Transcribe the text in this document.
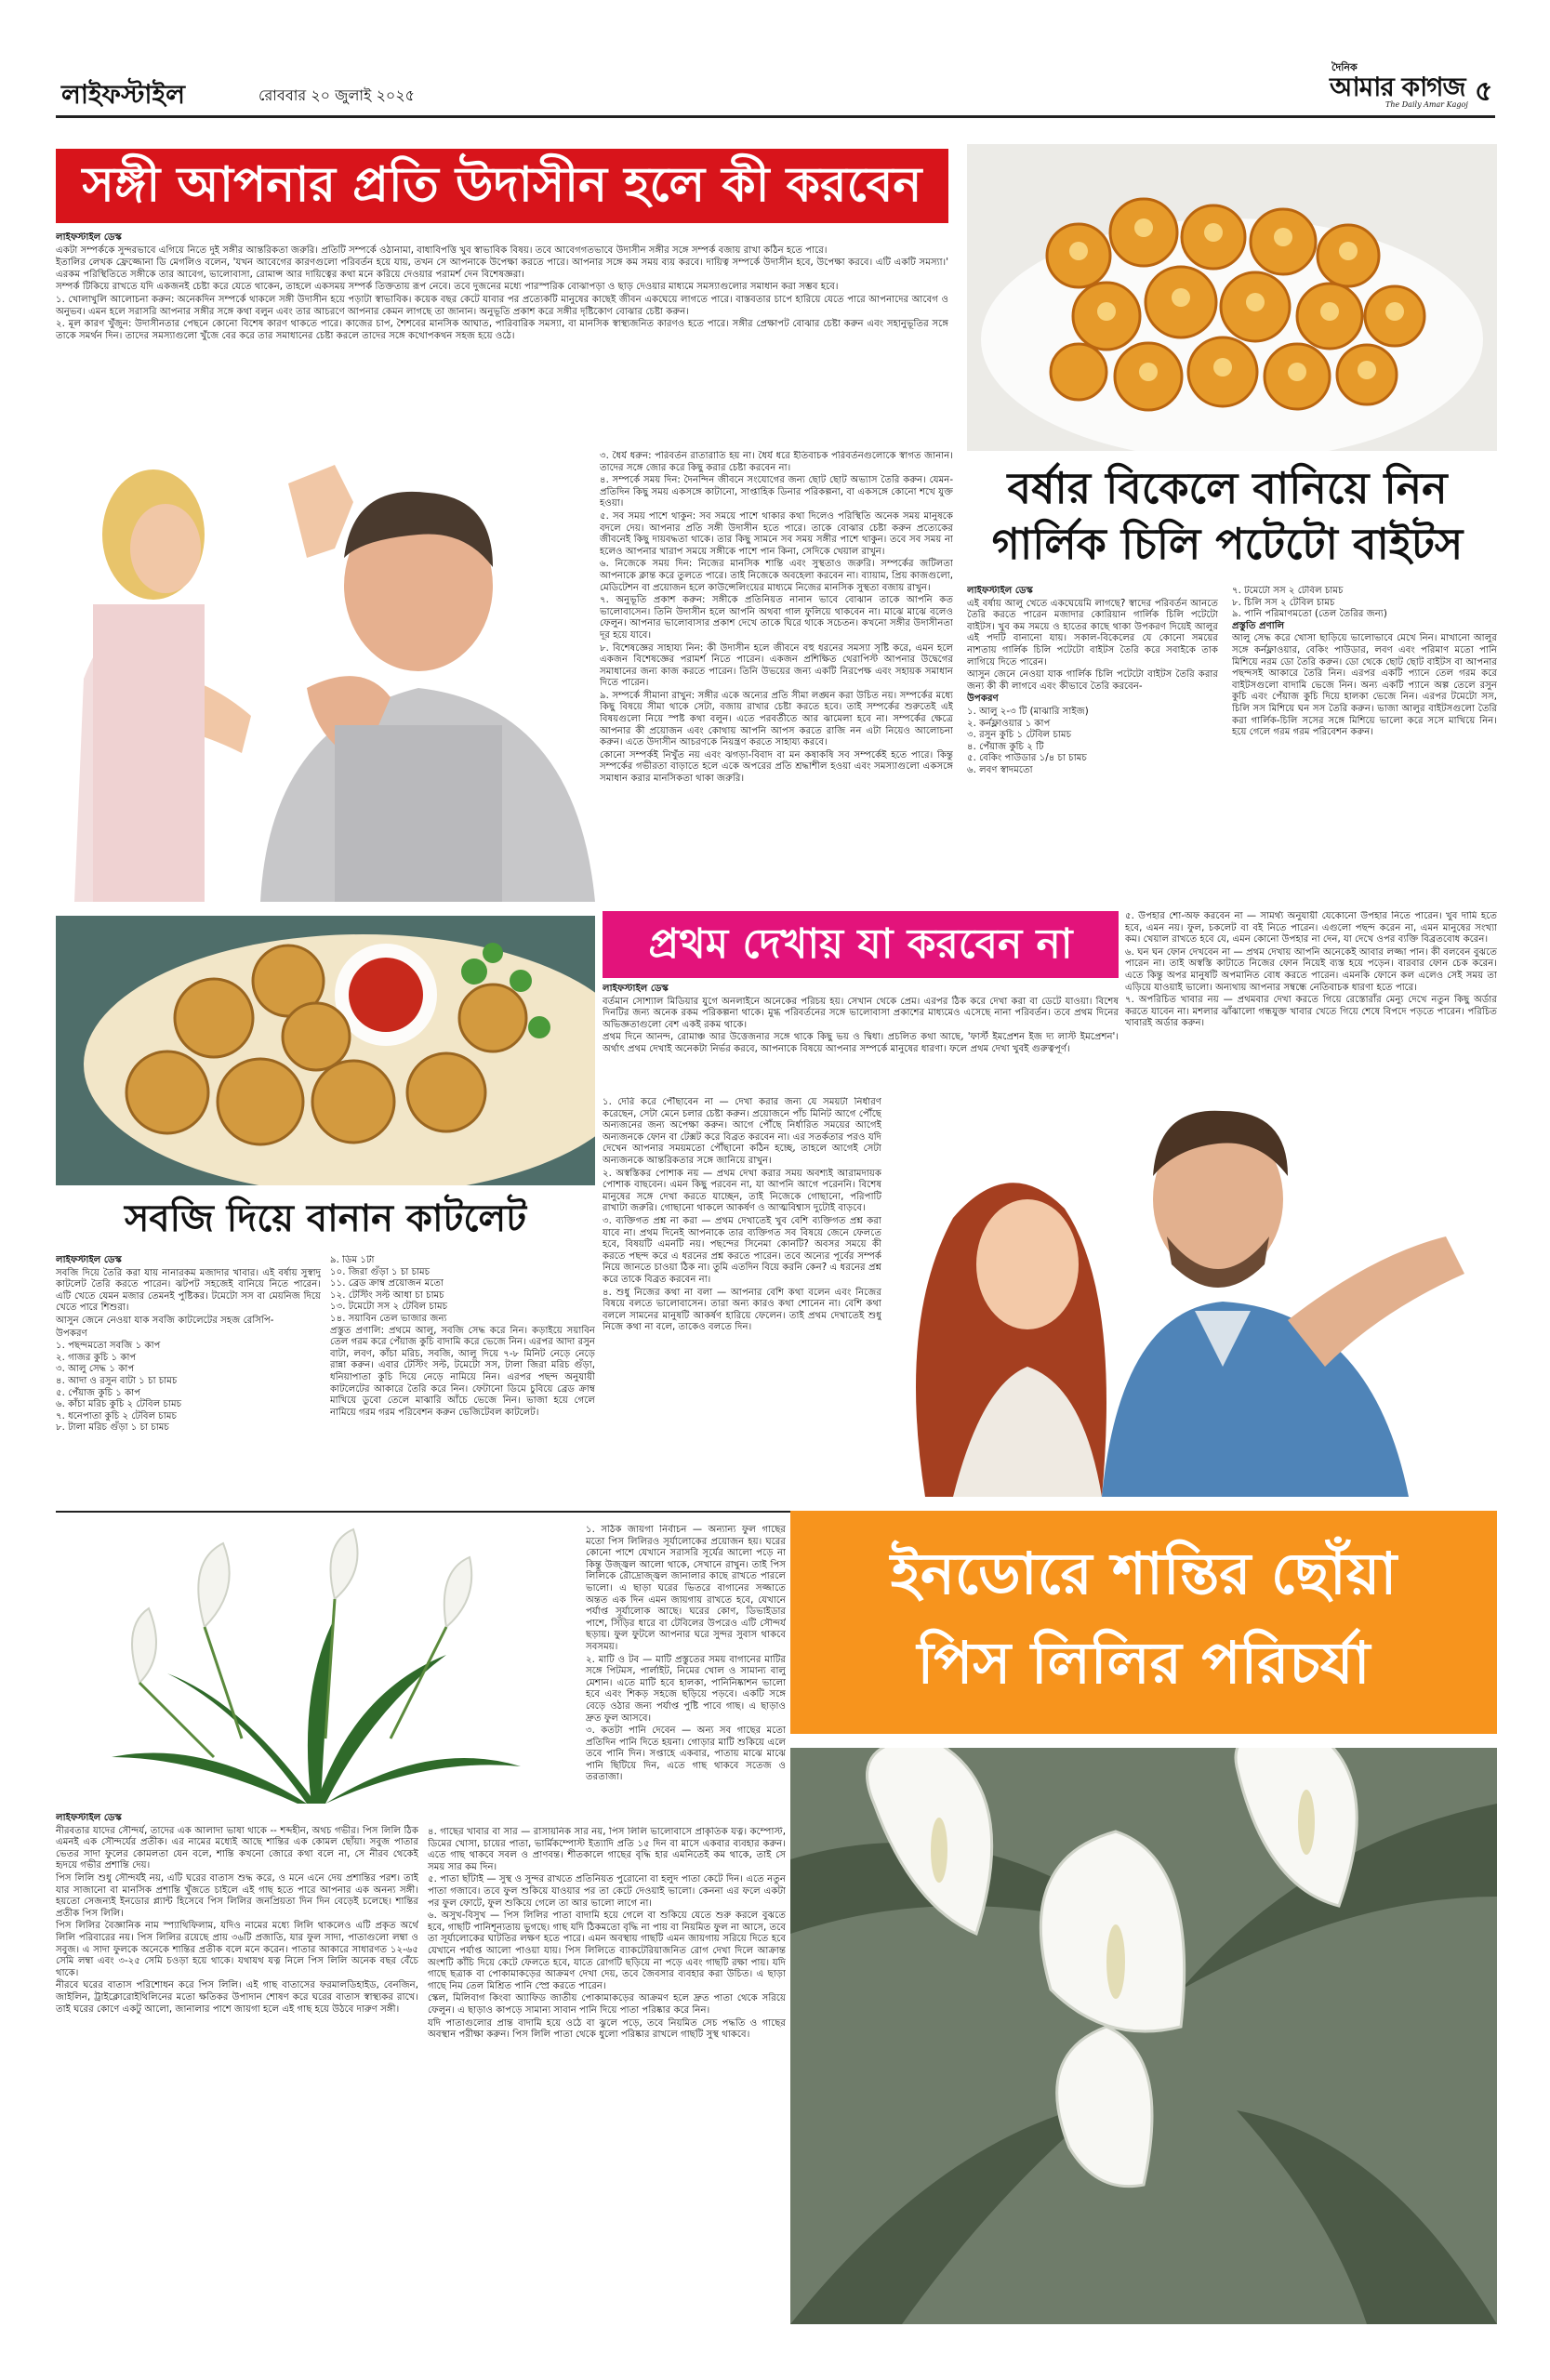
লাইফস্টাইল	রোববার ২০ জুলাই ২০২৫
দৈনিক
আমার কাগজ
The Daily Amar Kagoj ৫
সঙ্গী আপনার প্রতি উদাসীন হলে কী করবেন

লাইফস্টাইল ডেস্ক

একটা সম্পর্ককে সুন্দরভাবে এগিয়ে নিতে দুই সঙ্গীর আন্তরিকতা জরুরি। প্রতিটি সম্পর্কে ওঠানামা, বাধাবিপত্তি খুব স্বাভাবিক বিষয়। তবে আবেগগতভাবে উদাসীন সঙ্গীর সঙ্গে সম্পর্ক বজায় রাখা কঠিন হতে পারে।

ইতালির লেখক ফ্রেজ্জোনা ডি মেগলিও বলেন, 'যখন আবেগের কারণগুলো পরিবর্তন হয়ে যায়, তখন সে আপনাকে উপেক্ষা করতে পারে। আপনার সঙ্গে কম সময় ব্যয় করবে। দায়িত্ব সম্পর্কে উদাসীন হবে, উপেক্ষা করবে। এটি একটি সমস্যা।' এরকম পরিস্থিতিতে সঙ্গীকে তার আবেগ, ভালোবাসা, রোমান্স আর দায়িত্বের কথা মনে করিয়ে দেওয়ার পরামর্শ দেন বিশেষজ্ঞরা।

সম্পর্ক টিকিয়ে রাখতে যদি একজনই চেষ্টা করে যেতে থাকেন, তাহলে একসময় সম্পর্ক তিক্ততায় রূপ নেবে। তবে দুজনের মধ্যে পারস্পরিক বোঝাপড়া ও ছাড় দেওয়ার মাধ্যমে সমস্যাগুলোর সমাধান করা সম্ভব হবে।

১. খোলাখুলি আলোচনা করুন: অনেকদিন সম্পর্কে থাকলে সঙ্গী উদাসীন হয়ে পড়াটা স্বাভাবিক। কয়েক বছর কেটে যাবার পর প্রত্যেকটি মানুষের কাছেই জীবন একঘেয়ে লাগতে পারে। বাস্তবতার চাপে হারিয়ে যেতে পারে আপনাদের আবেগ ও অনুভব। এমন হলে সরাসরি আপনার সঙ্গীর সঙ্গে কথা বলুন এবং তার আচরণে আপনার কেমন লাগছে তা জানান। অনুভূতি প্রকাশ করে সঙ্গীর দৃষ্টিকোণ বোঝার চেষ্টা করুন।

২. মূল কারণ খুঁজুন: উদাসীনতার পেছনে কোনো বিশেষ কারণ থাকতে পারে। কাজের চাপ, শৈশবের মানসিক আঘাত, পারিবারিক সমস্যা, বা মানসিক স্বাস্থ্যজনিত কারণও হতে পারে। সঙ্গীর প্রেক্ষাপট বোঝার চেষ্টা করুন এবং সহানুভূতির সঙ্গে তাকে সমর্থন দিন। তাদের সমস্যাগুলো খুঁজে বের করে তার সমাধানের চেষ্টা করলে তাদের সঙ্গে কথোপকথন সহজ হয়ে ওঠে।

৩. ধৈর্য ধরুন: পরিবর্তন রাতারাতি হয় না। ধৈর্য ধরে ইতিবাচক পরিবর্তনগুলোকে স্বাগত জানান। তাদের সঙ্গে জোর করে কিছু করার চেষ্টা করবেন না।

৪. সম্পর্কে সময় দিন: দৈনন্দিন জীবনে সংযোগের জন্য ছোট ছোট অভ্যাস তৈরি করুন। যেমন- প্রতিদিন কিছু সময় একসঙ্গে কাটানো, সাপ্তাহিক ডিনার পরিকল্পনা, বা একসঙ্গে কোনো শখে যুক্ত হওয়া।

৫. সব সময় পাশে থাকুন: সব সময়ে পাশে থাকার কথা দিলেও পরিস্থিতি অনেক সময় মানুষকে বদলে দেয়। আপনার প্রতি সঙ্গী উদাসীন হতে পারে। তাকে বোঝার চেষ্টা করুন প্রত্যেকের জীবনেই কিছু দায়বদ্ধতা থাকে। তার কিছু সামনে সব সময় সঙ্গীর পাশে থাকুন। তবে সব সময় না হলেও আপনার খারাপ সময়ে সঙ্গীকে পাশে পান কিনা, সেদিকে খেয়াল রাখুন।

৬. নিজেকে সময় দিন: নিজের মানসিক শান্তি এবং সুস্থতাও জরুরি। সম্পর্কের জটিলতা আপনাকে ক্লান্ত করে তুলতে পারে। তাই নিজেকে অবহেলা করবেন না। ব্যায়াম, প্রিয় কাজগুলো, মেডিটেশন বা প্রয়োজন হলে কাউন্সেলিংয়ের মাধ্যমে নিজের মানসিক সুস্থতা বজায় রাখুন।

৭. অনুভূতি প্রকাশ করুন: সঙ্গীকে প্রতিনিয়ত নানান ভাবে বোঝান তাকে আপনি কত ভালোবাসেন। তিনি উদাসীন হলে আপনি অথবা গাল ফুলিয়ে থাকবেন না। মাঝে মাঝে বলেও ফেলুন। আপনার ভালোবাসার প্রকাশ দেখে তাকে ঘিরে থাকে সচেতন। কখনো সঙ্গীর উদাসীনতা দূর হয়ে যাবে।

৮. বিশেষজ্ঞের সাহায্য নিন: কী উদাসীন হলে জীবনে বহু ধরনের সমস্যা সৃষ্টি করে, এমন হলে একজন বিশেষজ্ঞের পরামর্শ নিতে পারেন। একজন প্রশিক্ষিত থেরাপিস্ট আপনার উদ্বেগের সমাধানের জন্য কাজ করতে পারেন। তিনি উভয়ের জন্য একটি নিরপেক্ষ এবং সহায়ক সমাধান দিতে পারেন।

৯. সম্পর্কে সীমানা রাখুন: সঙ্গীর একে অন্যের প্রতি সীমা লঙ্ঘন করা উচিত নয়। সম্পর্কের মধ্যে কিছু বিষয়ে সীমা থাকে সেটা, বজায় রাখার চেষ্টা করতে হবে। তাই সম্পর্কের শুরুতেই এই বিষয়গুলো নিয়ে স্পষ্ট কথা বলুন। এতে পরবর্তীতে আর ঝামেলা হবে না। সম্পর্কের ক্ষেত্রে আপনার কী প্রয়োজন এবং কোথায় আপনি আপস করতে রাজি নন এটা নিয়েও আলোচনা করুন। এতে উদাসীন আচরণকে নিয়ন্ত্রণ করতে সাহায্য করবে।

কোনো সম্পর্কই নিখুঁত নয় এবং ঝগড়া-বিবাদ বা মন কষাকষি সব সম্পর্কেই হতে পারে। কিন্তু সম্পর্কের গভীরতা বাড়াতে হলে একে অপরের প্রতি শ্রদ্ধাশীল হওয়া এবং সমস্যাগুলো একসঙ্গে সমাধান করার মানসিকতা থাকা জরুরি।

বর্ষার বিকেলে বানিয়ে নিন
গার্লিক চিলি পটেটো বাইটস

লাইফস্টাইল ডেস্ক

এই বর্ষায় আলু খেতে একঘেয়েমি লাগছে? স্বাদের পরিবর্তন আনতে তৈরি করতে পারেন মজাদার কোরিয়ান গার্লিক চিলি পটেটো বাইটস। খুব কম সময়ে ও হাতের কাছে থাকা উপকরণ দিয়েই আলুর এই পদটি বানানো যায়। সকাল-বিকেলের যে কোনো সময়ের নাশতায় গার্লিক চিলি পটেটো বাইটস তৈরি করে সবাইকে তাক লাগিয়ে দিতে পারেন।

আসুন জেনে নেওয়া যাক গার্লিক চিলি পটেটো বাইটস তৈরি করার জন্য কী কী লাগবে এবং কীভাবে তৈরি করবেন-

উপকরণ

১. আলু ২-৩ টি (মাঝারি সাইজ)
২. কর্নফ্লাওয়ার ১ কাপ
৩. রসুন কুচি ১ টেবিল চামচ
৪. পেঁয়াজ কুচি ২ টি
৫. বেকিং পাউডার ১/৪ চা চামচ
৬. লবণ স্বাদমতো
৭. টমেটো সস ২ টেবিল চামচ
৮. চিলি সস ২ টেবিল চামচ
৯. পানি পরিমাণমতো (তেল তৈরির জন্য)

প্রস্তুতি প্রণালি

আলু সেদ্ধ করে খোসা ছাড়িয়ে ভালোভাবে মেখে নিন। মাখানো আলুর সঙ্গে কর্নফ্লাওয়ার, বেকিং পাউডার, লবণ এবং পরিমাণ মতো পানি মিশিয়ে নরম ডো তৈরি করুন। ডো থেকে ছোট ছোট বাইটস বা আপনার পছন্দসই আকারে তৈরি নিন। এরপর একটি প্যানে তেল গরম করে বাইটসগুলো বাদামি ভেজে নিন। অন্য একটি প্যানে অল্প তেলে রসুন কুচি এবং পেঁয়াজ কুচি দিয়ে হালকা ভেজে নিন। এরপর টমেটো সস, চিলি সস মিশিয়ে ঘন সস তৈরি করুন। ভাজা আলুর বাইটসগুলো তৈরি করা গার্লিক-চিলি সসের সঙ্গে মিশিয়ে ভালো করে সসে মাখিয়ে নিন। হয়ে গেলে গরম গরম পরিবেশন করুন।

সবজি দিয়ে বানান কাটলেট

লাইফস্টাইল ডেস্ক

সবজি দিয়ে তৈরি করা যায় নানারকম মজাদার খাবার। এই বর্ষায় সুস্বাদু কাটলেট তৈরি করতে পারেন। ঝটপট সহজেই বানিয়ে নিতে পারেন। এটি খেতে যেমন মজার তেমনই পুষ্টিকর। টমেটো সস বা মেয়নিজ দিয়ে খেতে পারে শিশুরা।

আসুন জেনে নেওয়া যাক সবজি কাটলেটের সহজ রেসিপি-

উপকরণ

১. পছন্দমতো সবজি ১ কাপ
২. গাজর কুচি ১ কাপ
৩. আলু সেদ্ধ ১ কাপ
৪. আদা ও রসুন বাটা ১ চা চামচ
৫. পেঁয়াজ কুচি ১ কাপ
৬. কাঁচা মরিচ কুচি ২ টেবিল চামচ
৭. ধনেপাতা কুচি ২ টেবিল চামচ
৮. টালা মরিচ গুঁড়া ১ চা চামচ
৯. ডিম ১টা
১০. জিরা গুঁড়া ১ চা চামচ
১১. ব্রেড ক্রাম্ব প্রয়োজন মতো
১২. টেস্টিং সল্ট আধা চা চামচ
১৩. টমেটো সস ২ টেবিল চামচ
১৪. সয়াবিন তেল ভাজার জন্য

প্রস্তুত প্রণালি: প্রথমে আলু, সবজি সেদ্ধ করে নিন। কড়াইয়ে সয়াবিন তেল গরম করে পেঁয়াজ কুচি বাদামি করে ভেজে নিন। এরপর আদা রসুন বাটা, লবণ, কাঁচা মরিচ, সবজি, আলু দিয়ে ৭-৮ মিনিট নেড়ে নেড়ে রান্না করুন। এবার টেস্টিং সল্ট, টমেটো সস, টালা জিরা মরিচ গুঁড়া, ধনিয়াপাতা কুচি দিয়ে নেড়ে নামিয়ে নিন। এরপর পছন্দ অনুযায়ী কাটলেটের আকারে তৈরি করে নিন। ফেটানো ডিমে চুবিয়ে ব্রেড ক্রাম্ব মাখিয়ে ডুবো তেলে মাঝারি আঁচে ভেজে নিন। ভাজা হয়ে গেলে নামিয়ে গরম গরম পরিবেশন করুন ভেজিটেবল কাটলেট।

প্রথম দেখায় যা করবেন না

লাইফস্টাইল ডেস্ক

বর্তমান সোশ্যাল মিডিয়ার যুগে অনলাইনে অনেকের পরিচয় হয়। সেখান থেকে প্রেম। এরপর ঠিক করে দেখা করা বা ডেটে যাওয়া। বিশেষ দিনটির জন্য অনেক রকম পরিকল্পনা থাকে। মুগ্ধ পরিবর্তনের সঙ্গে ভালোবাসা প্রকাশের মাধ্যমেও এসেছে নানা পরিবর্তন। তবে প্রথম দিনের অভিজ্ঞতাগুলো বেশ একই রকম থাকে।

প্রথম দিনে আনন্দ, রোমাঞ্চ আর উত্তেজনার সঙ্গে থাকে কিছু ভয় ও দ্বিধা। প্রচলিত কথা আছে, 'ফার্স্ট ইমপ্রেশন ইজ দ্য লাস্ট ইমপ্রেশন'। অর্থাৎ প্রথম দেখাই অনেকটা নির্ভর করবে, আপনাকে বিষয়ে আপনার সম্পর্কে মানুষের ধারণা। ফলে প্রথম দেখা খুবই গুরুত্বপূর্ণ।

১. দেরি করে পৌঁছাবেন না — দেখা করার জন্য যে সময়টা নির্ধারণ করেছেন, সেটা মেনে চলার চেষ্টা করুন। প্রয়োজনে পাঁচ মিনিট আগে পৌঁছে অন্যজনের জন্য অপেক্ষা করুন। আগে পৌঁছে নির্ধারিত সময়ের আগেই অন্যজনকে ফোন বা টেক্সট করে বিব্রত করবেন না। এর সতর্কতার পরও যদি দেখেন আপনার সময়মতো পৌঁছানো কঠিন হচ্ছে, তাহলে আগেই সেটা অন্যজনকে আন্তরিকতার সঙ্গে জানিয়ে রাখুন।

২. অস্বস্তিকর পোশাক নয় — প্রথম দেখা করার সময় অবশ্যই আরামদায়ক পোশাক বাছবেন। এমন কিছু পরবেন না, যা আপনি আগে পরেননি। বিশেষ মানুষের সঙ্গে দেখা করতে যাচ্ছেন, তাই নিজেকে গোছানো, পরিপাটি রাখাটা জরুরি। গোছানো থাকলে আকর্ষণ ও আত্মবিশ্বাস দুটোই বাড়বে।

৩. ব্যক্তিগত প্রশ্ন না করা — প্রথম দেখাতেই খুব বেশি ব্যক্তিগত প্রশ্ন করা যাবে না। প্রথম দিনেই আপনাকে তার ব্যক্তিগত সব বিষয়ে জেনে ফেলতে হবে, বিষয়টি এমনটি নয়। পছন্দের সিনেমা কোনটি? অবসর সময়ে কী করতে পছন্দ করে এ ধরনের প্রশ্ন করতে পারেন। তবে অন্যের পূর্বের সম্পর্ক নিয়ে জানতে চাওয়া ঠিক না। তুমি এতদিন বিয়ে করনি কেন? এ ধরনের প্রশ্ন করে তাকে বিব্রত করবেন না।

৪. শুধু নিজের কথা না বলা — আপনার বেশি কথা বলেন এবং নিজের বিষয়ে বলতে ভালোবাসেন। তারা অন্য কারও কথা শোনেন না। বেশি কথা বললে সামনের মানুষটি আকর্ষণ হারিয়ে ফেলেন। তাই প্রথম দেখাতেই শুধু নিজে কথা না বলে, তাকেও বলতে দিন।

৫. উপহার শো-অফ করবেন না — সামর্থ্য অনুযায়ী যেকোনো উপহার নিতে পারেন। খুব দামি হতে হবে, এমন নয়। ফুল, চকলেট বা বই নিতে পারেন। এগুলো পছন্দ করেন না, এমন মানুষের সংখ্যা কম। খেয়াল রাখতে হবে যে, এমন কোনো উপহার না দেন, যা দেখে ওপর ব্যক্তি বিব্রতবোধ করেন।

৬. ঘন ঘন ফোন দেখবেন না — প্রথম দেখায় আপনি অনেকেই আবার লজ্জা পান। কী বলবেন বুঝতে পারেন না। তাই অস্বস্তি কাটাতে নিজের ফোন নিয়েই ব্যস্ত হয়ে পড়েন। বারবার ফোন চেক করেন। এতে কিন্তু অপর মানুষটি অপমানিত বোধ করতে পারেন। এমনকি ফোনে কল এলেও সেই সময় তা এড়িয়ে যাওয়াই ভালো। অন্যথায় আপনার সম্বন্ধে নেতিবাচক ধারণা হতে পারে।

৭. অপরিচিত খাবার নয় — প্রথমবার দেখা করতে গিয়ে রেস্তোরাঁর মেন্যু দেখে নতুন কিছু অর্ডার করতে যাবেন না। মশলার ঝাঁঝালো গন্ধযুক্ত খাবার খেতে গিয়ে শেষে বিপদে পড়তে পারেন। পরিচিত খাবারই অর্ডার করুন।

১. সঠিক জায়গা নির্বাচন — অন্যান্য ফুল গাছের মতো পিস লিলিরও সূর্যালোকের প্রয়োজন হয়। ঘরের কোনো পাশে যেখানে সরাসরি সূর্যের আলো পড়ে না কিন্তু উজ্জ্বল আলো থাকে, সেখানে রাখুন। তাই পিস লিলিকে রৌদ্রোজ্জ্বল জানালার কাছে রাখতে পারলে ভালো। এ ছাড়া ঘরের ভিতরে বাগানের সজ্জাতে অন্তত এক দিন এমন জায়গায় রাখতে হবে, যেখানে পর্যাপ্ত সূর্যালোক আছে। ঘরের কোণ, ডিভাইডার পাশে, সিঁড়ির ধারে বা টেবিলের উপরেও এটি সৌন্দর্য ছড়ায়। ফুল ফুটলে আপনার ঘরে সুন্দর সুবাস থাকবে সবসময়।

২. মাটি ও টব — মাটি প্রস্তুতের সময় বাগানের মাটির সঙ্গে পিটমস, পার্লাইট, নিমের খোল ও সামান্য বালু মেশান। এতে মাটি হবে হালকা, পানিনিষ্কাশন ভালো হবে এবং শিকড় সহজে ছড়িয়ে পড়বে। একটি সঙ্গে বেড়ে ওঠার জন্য পর্যাপ্ত পুষ্টি পাবে গাছ। এ ছাড়াও দ্রুত ফুল আসবে।

৩. কতটা পানি দেবেন — অন্য সব গাছের মতো প্রতিদিন পানি দিতে হয়না। গোড়ার মাটি শুকিয়ে এলে তবে পানি দিন। সপ্তাহে একবার, পাতায় মাঝে মাঝে পানি ছিটিয়ে দিন, এতে গাছ থাকবে সতেজ ও তরতাজা।

ইনডোরে শান্তির ছোঁয়া
পিস লিলির পরিচর্যা

লাইফস্টাইল ডেস্ক

নীরবতার যাদের সৌন্দর্য, তাদের এক আলাদা ভাষা থাকে -- শব্দহীন, অথচ গভীর। পিস লিলি ঠিক এমনই এক সৌন্দর্যের প্রতীক। এর নামের মধ্যেই আছে শান্তির এক কোমল ছোঁয়া। সবুজ পাতার ভেতর সাদা ফুলের কোমলতা যেন বলে, শান্তি কখনো জোরে কথা বলে না, সে নীরব থেকেই হৃদয়ে গভীর প্রশান্তি দেয়।

পিস লিলি শুধু সৌন্দর্যই নয়, এটি ঘরের বাতাস শুদ্ধ করে, ও মনে এনে দেয় প্রশান্তির পরশ। তাই যার সাজানো বা মানসিক প্রশান্তি খুঁজতে চাইলে এই গাছ হতে পারে আপনার এক অনন্য সঙ্গী। হয়তো সেজন্যই ইনডোর প্ল্যান্ট হিসেবে পিস লিলির জনপ্রিয়তা দিন দিন বেড়েই চলেছে। শান্তির প্রতীক পিস লিলি।

পিস লিলির বৈজ্ঞানিক নাম স্প্যাথিফিলাম, যদিও নামের মধ্যে লিলি থাকলেও এটি প্রকৃত অর্থে লিলি পরিবারের নয়। পিস লিলির রয়েছে প্রায় ৩৬টি প্রজাতি, যার ফুল সাদা, পাতাগুলো লম্বা ও সবুজ। এ সাদা ফুলকে অনেকে শান্তির প্রতীক বলে মনে করেন। পাতার আকারে সাধারণত ১২-৬৫ সেমি লম্বা এবং ৩-২৫ সেমি চওড়া হয়ে থাকে। যথাযথ যত্ন নিলে পিস লিলি অনেক বছর বেঁচে থাকে।

নীরবে ঘরের বাতাস পরিশোধন করে পিস লিলি। এই গাছ বাতাসের ফরমালডিহাইড, বেনজিন, জাইলিন, ট্রাইক্লোরোইথিলিনের মতো ক্ষতিকর উপাদান শোষণ করে ঘরের বাতাস স্বাস্থ্যকর রাখে। তাই ঘরের কোণে একটু আলো, জানালার পাশে জায়গা হলে এই গাছ হয়ে উঠবে দারুণ সঙ্গী।

৪. গাছের খাবার বা সার — রাসায়নিক সার নয়, পিস লিলি ভালোবাসে প্রাকৃতিক যত্ন। কম্পোস্ট, ডিমের খোসা, চায়ের পাতা, ভার্মিকম্পোস্ট ইত্যাদি প্রতি ১৫ দিন বা মাসে একবার ব্যবহার করুন। এতে গাছ থাকবে সবল ও প্রাণবন্ত। শীতকালে গাছের বৃদ্ধি হার এমনিতেই কম থাকে, তাই সে সময় সার কম দিন।

৫. পাতা ছাঁটাই — সুস্থ ও সুন্দর রাখতে প্রতিনিয়ত পুরোনো বা হলুদ পাতা কেটে দিন। এতে নতুন পাতা গজাবে। তবে ফুল শুকিয়ে যাওয়ার পর তা কেটে দেওয়াই ভালো। কেননা এর ফলে একটা পর ফুল ফোটে, ফুল শুকিয়ে গেলে তা আর ভালো লাগে না।

৬. অসুখ-বিসুখ — পিস লিলির পাতা বাদামি হয়ে গেলে বা শুকিয়ে যেতে শুরু করলে বুঝতে হবে, গাছটি পানিশূন্যতায় ভুগছে। গাছ যদি ঠিকমতো বৃদ্ধি না পায় বা নিয়মিত ফুল না আসে, তবে তা সূর্যালোকের ঘাটতির লক্ষণ হতে পারে। এমন অবস্থায় গাছটি এমন জায়গায় সরিয়ে দিতে হবে যেখানে পর্যাপ্ত আলো পাওয়া যায়। পিস লিলিতে ব্যাকটেরিয়াজনিত রোগ দেখা দিলে আক্রান্ত অংশটি কাঁচি দিয়ে কেটে ফেলতে হবে, যাতে রোগটি ছড়িয়ে না পড়ে এবং গাছটি রক্ষা পায়। যদি গাছে ছত্রাক বা পোকামাকড়ের আক্রমণ দেখা দেয়, তবে জৈবসার ব্যবহার করা উচিত। এ ছাড়া গাছে নিম তেল মিশ্রিত পানি স্প্রে করতে পারেন।

স্কেল, মিলিবাগ কিংবা অ্যাফিড জাতীয় পোকামাকড়ের আক্রমণ হলে দ্রুত পাতা থেকে সরিয়ে ফেলুন। এ ছাড়াও কাপড়ে সামান্য সাবান পানি দিয়ে পাতা পরিষ্কার করে নিন।

যদি পাতাগুলোর প্রান্ত বাদামি হয়ে ওঠে বা ঝুলে পড়ে, তবে নিয়মিত সেচ পদ্ধতি ও গাছের অবস্থান পরীক্ষা করুন। পিস লিলি পাতা থেকে ধুলো পরিষ্কার রাখলে গাছটি সুস্থ থাকবে।
